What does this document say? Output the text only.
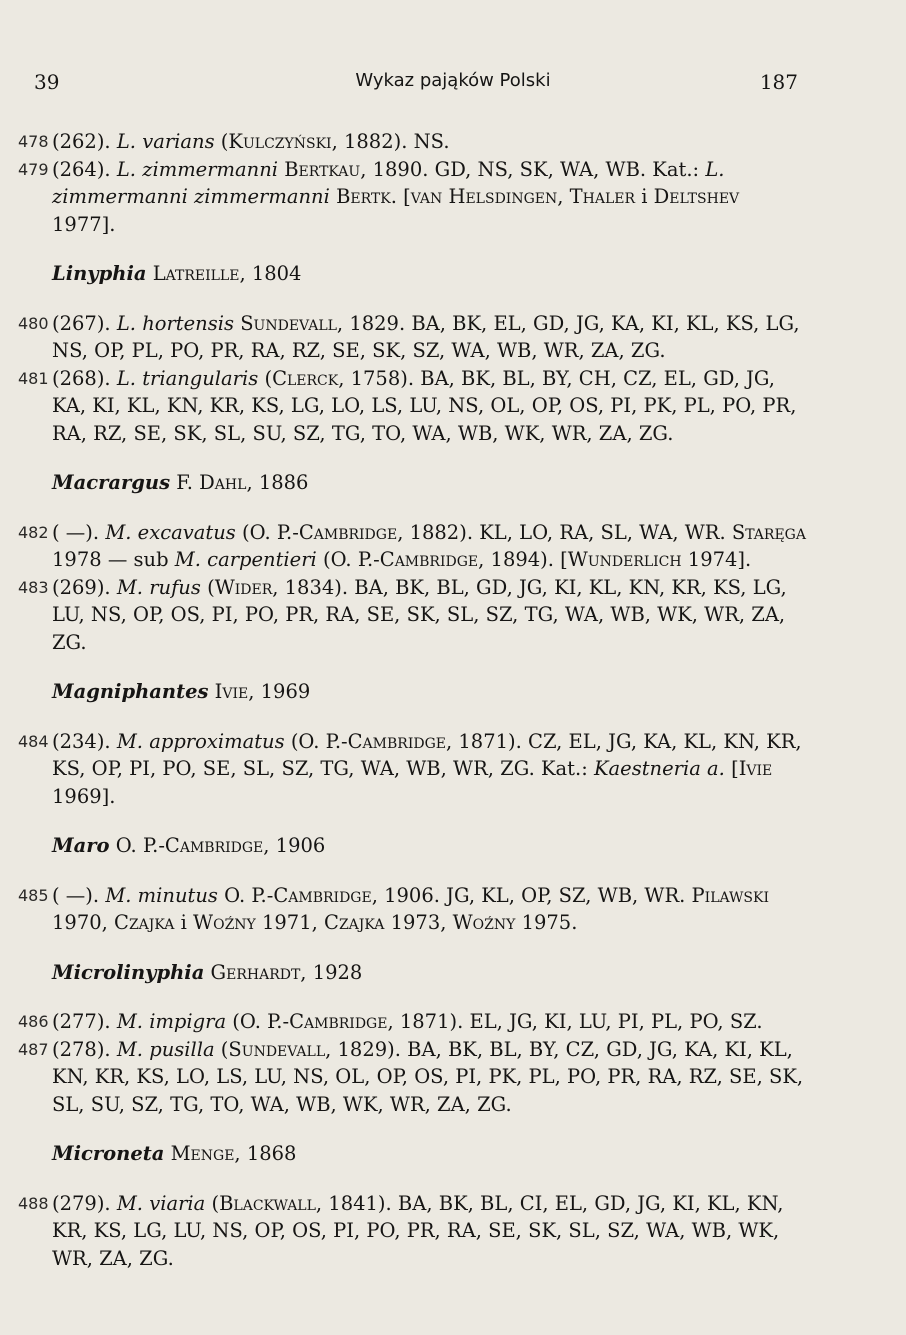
39	Wykaz pająków Polski	187
478 (262). L. varians (Kulczyński, 1882). NS.
479 (264). L. zimmermanni Bertkau, 1890. GD, NS, SK, WA, WB. Kat.: L. zimmermanni zimmermanni Bertk. [van Helsdingen, Thaler i Deltshev 1977].
Linyphia Latreille, 1804
480 (267). L. hortensis Sundevall, 1829. BA, BK, EL, GD, JG, KA, KI, KL, KS, LG, NS, OP, PL, PO, PR, RA, RZ, SE, SK, SZ, WA, WB, WR, ZA, ZG.
481 (268). L. triangularis (Clerck, 1758). BA, BK, BL, BY, CH, CZ, EL, GD, JG, KA, KI, KL, KN, KR, KS, LG, LO, LS, LU, NS, OL, OP, OS, PI, PK, PL, PO, PR, RA, RZ, SE, SK, SL, SU, SZ, TG, TO, WA, WB, WK, WR, ZA, ZG.
Macrargus F. Dahl, 1886
482 ( —). M. excavatus (O. P.-Cambridge, 1882). KL, LO, RA, SL, WA, WR. Staręga 1978 — sub M. carpentieri (O. P.-Cambridge, 1894). [Wunderlich 1974].
483 (269). M. rufus (Wider, 1834). BA, BK, BL, GD, JG, KI, KL, KN, KR, KS, LG, LU, NS, OP, OS, PI, PO, PR, RA, SE, SK, SL, SZ, TG, WA, WB, WK, WR, ZA, ZG.
Magniphantes Ivie, 1969
484 (234). M. approximatus (O. P.-Cambridge, 1871). CZ, EL, JG, KA, KL, KN, KR, KS, OP, PI, PO, SE, SL, SZ, TG, WA, WB, WR, ZG. Kat.: Kaestneria a. [Ivie 1969].
Maro O. P.-Cambridge, 1906
485 ( —). M. minutus O. P.-Cambridge, 1906. JG, KL, OP, SZ, WB, WR. Pilawski 1970, Czajka i Woźny 1971, Czajka 1973, Woźny 1975.
Microlinyphia Gerhardt, 1928
486 (277). M. impigra (O. P.-Cambridge, 1871). EL, JG, KI, LU, PI, PL, PO, SZ.
487 (278). M. pusilla (Sundevall, 1829). BA, BK, BL, BY, CZ, GD, JG, KA, KI, KL, KN, KR, KS, LO, LS, LU, NS, OL, OP, OS, PI, PK, PL, PO, PR, RA, RZ, SE, SK, SL, SU, SZ, TG, TO, WA, WB, WK, WR, ZA, ZG.
Microneta Menge, 1868
488 (279). M. viaria (Blackwall, 1841). BA, BK, BL, CI, EL, GD, JG, KI, KL, KN, KR, KS, LG, LU, NS, OP, OS, PI, PO, PR, RA, SE, SK, SL, SZ, WA, WB, WK, WR, ZA, ZG.
